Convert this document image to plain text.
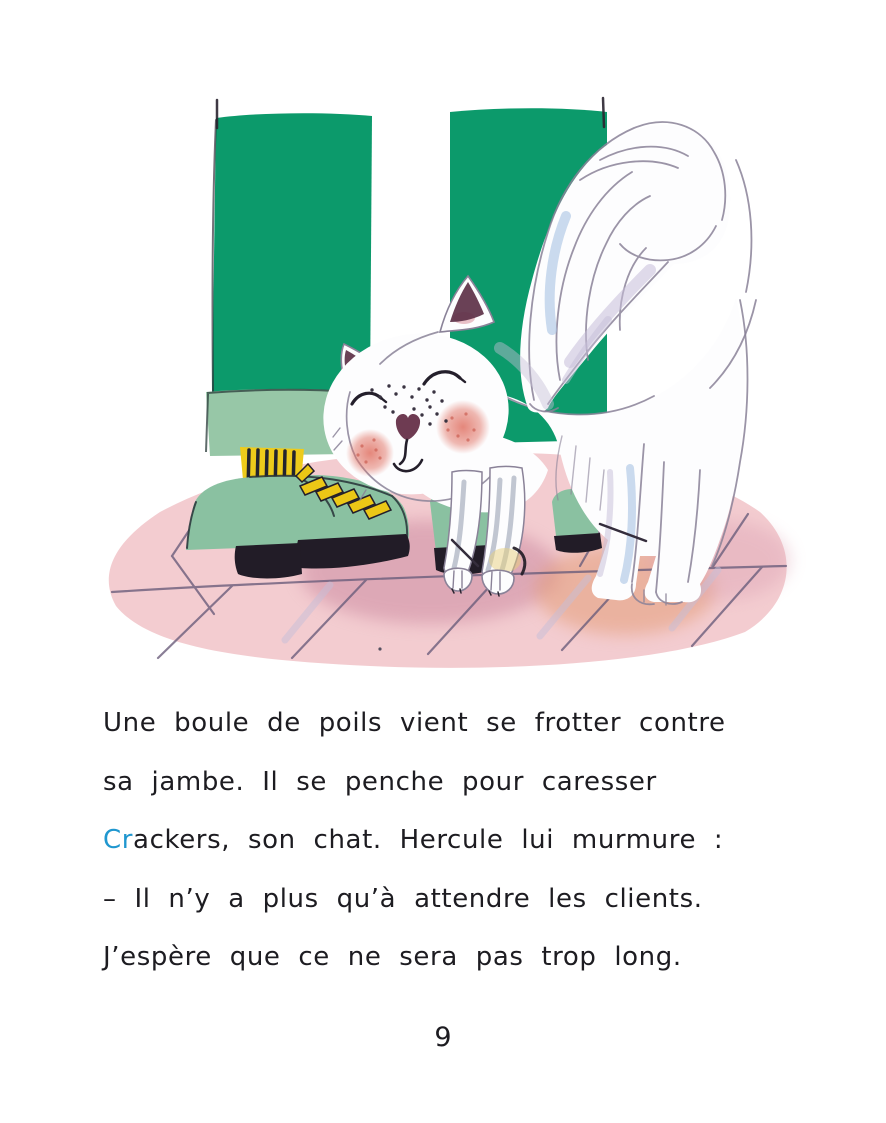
Une boule de poils vient se frotter contre

sa jambe. Il se penche pour caresser

Crackers, son chat. Hercule lui murmure :

– Il n’y a plus qu’à attendre les clients.

J’espère que ce ne sera pas trop long.

9
